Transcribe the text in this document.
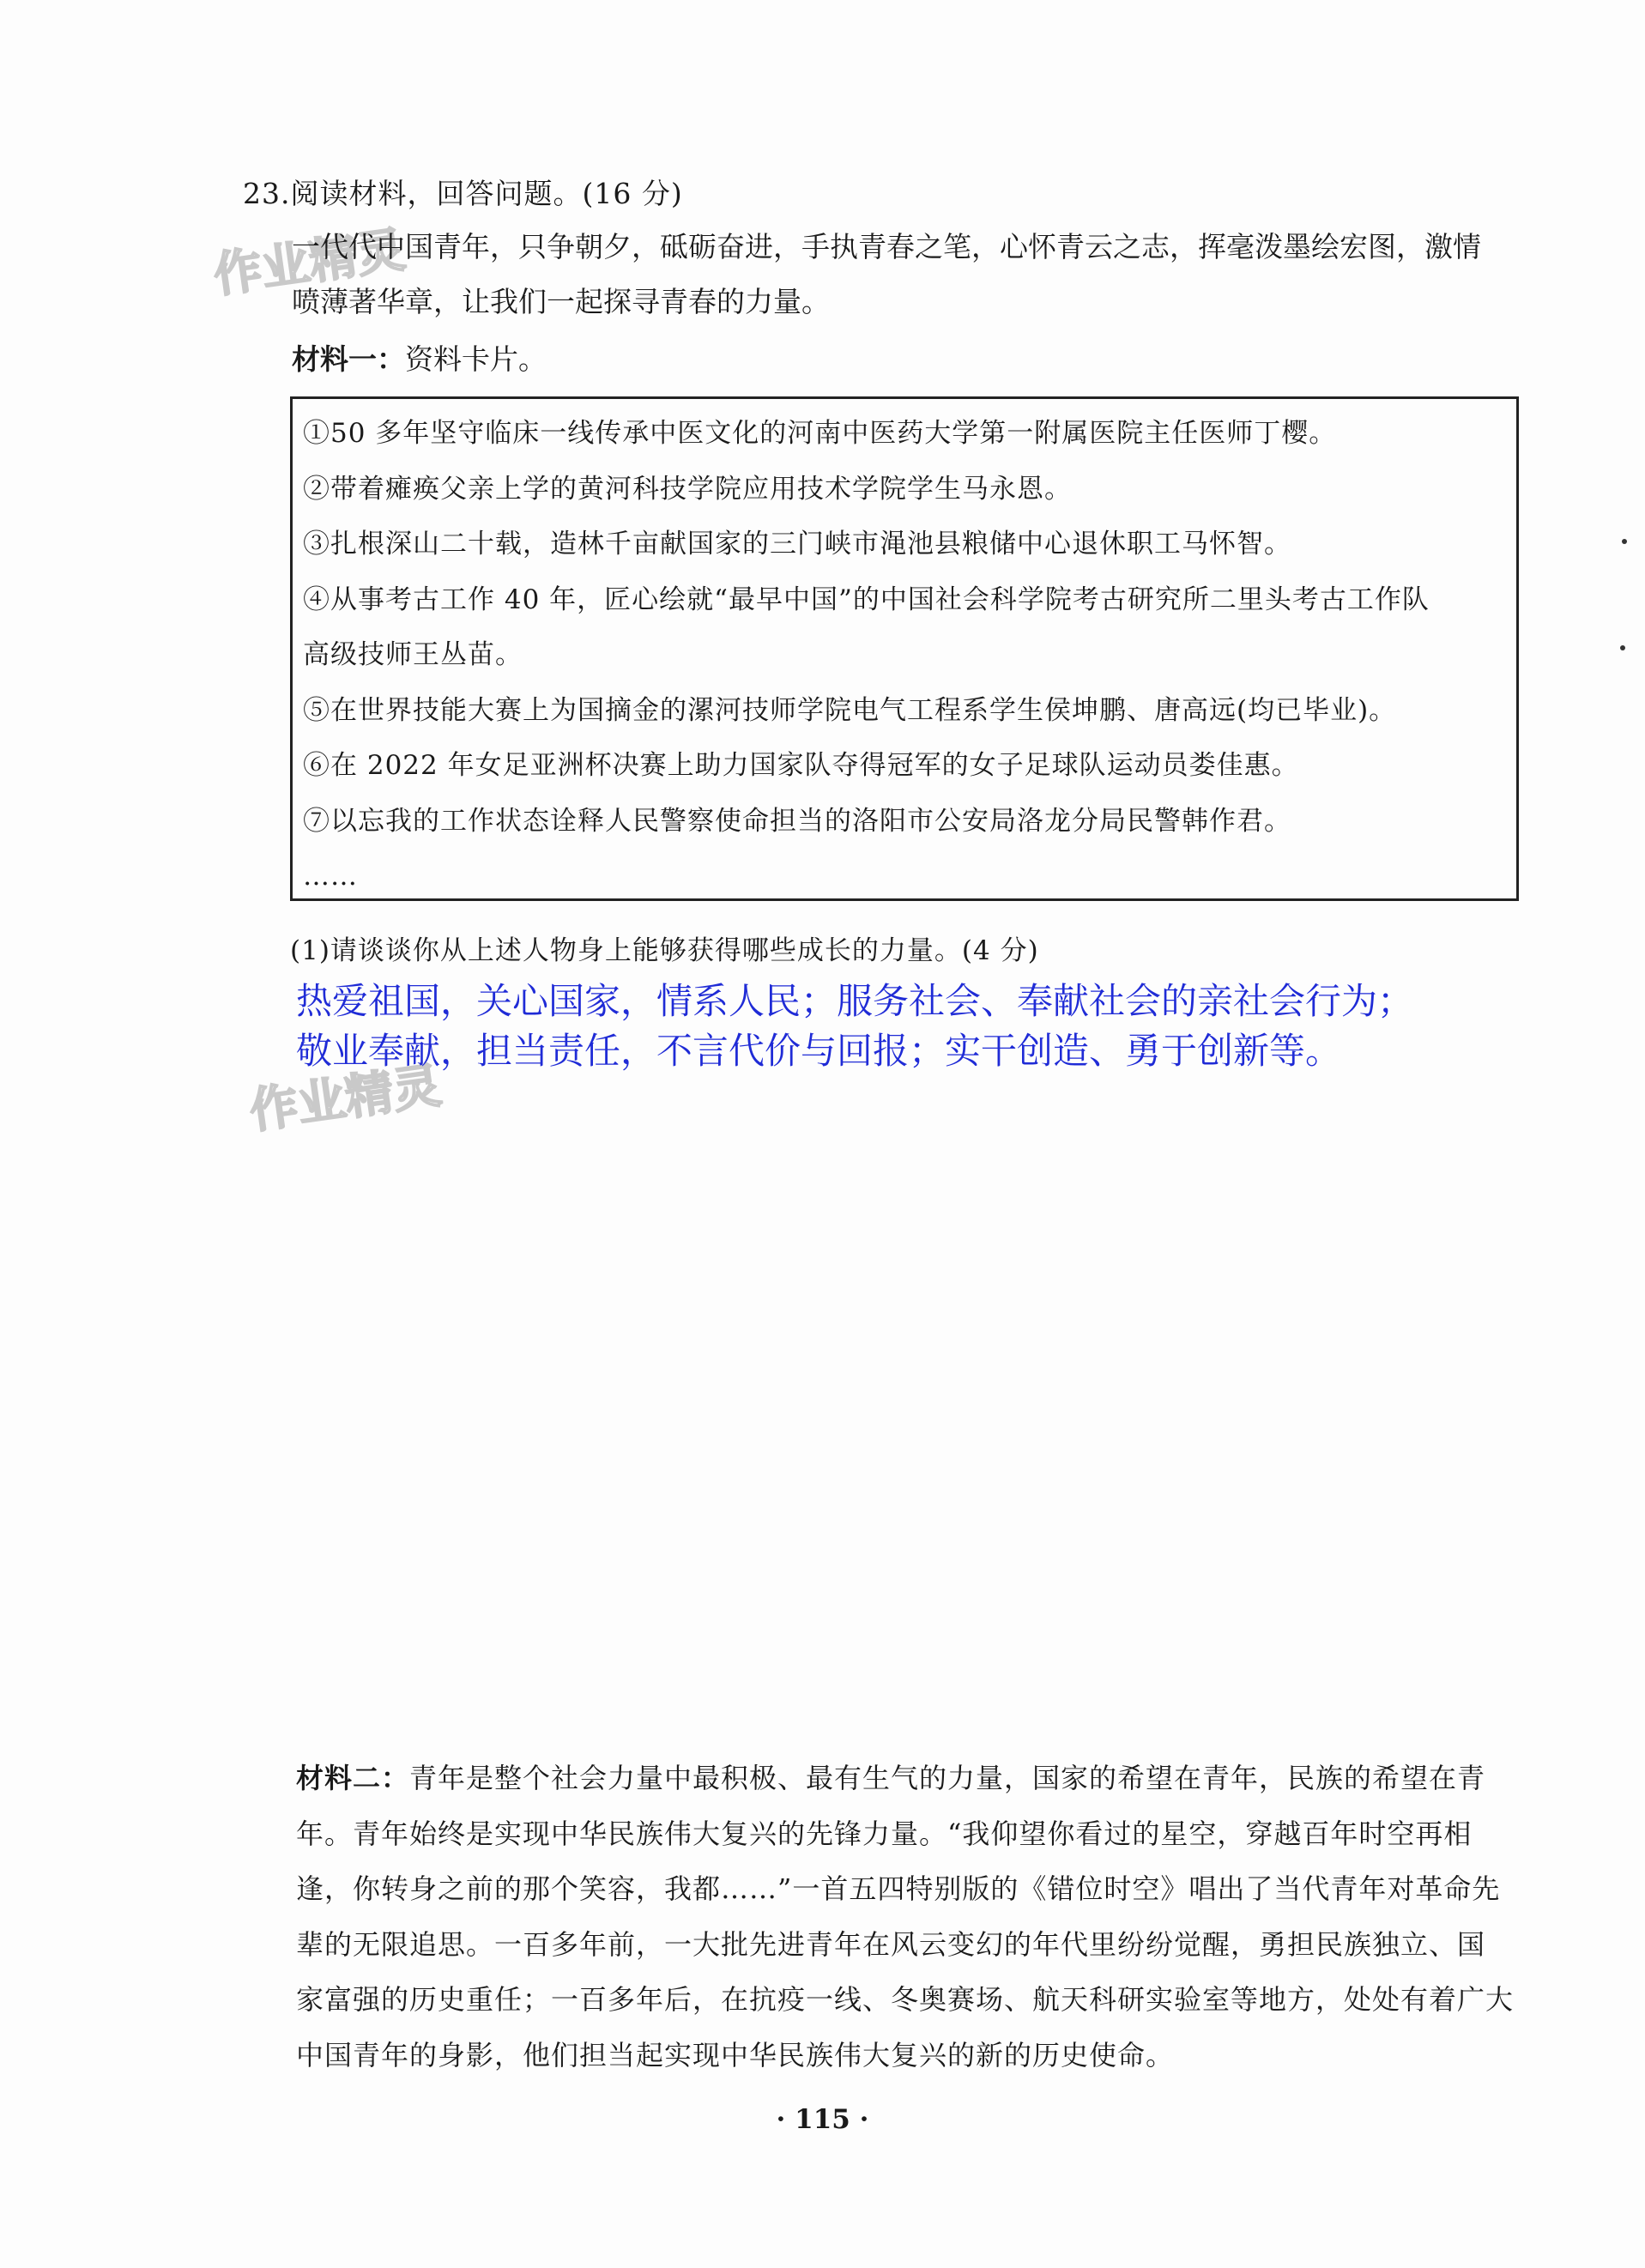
作业精灵
作业精灵
23.阅读材料，回答问题。(16 分)

一代代中国青年，只争朝夕，砥砺奋进，手执青春之笔，心怀青云之志，挥毫泼墨绘宏图，激情

喷薄著华章，让我们一起探寻青春的力量。

材料一：资料卡片。
①50 多年坚守临床一线传承中医文化的河南中医药大学第一附属医院主任医师丁樱。
②带着瘫痪父亲上学的黄河科技学院应用技术学院学生马永恩。
③扎根深山二十载，造林千亩献国家的三门峡市渑池县粮储中心退休职工马怀智。
④从事考古工作 40 年，匠心绘就“最早中国”的中国社会科学院考古研究所二里头考古工作队
高级技师王丛苗。
⑤在世界技能大赛上为国摘金的漯河技师学院电气工程系学生侯坤鹏、唐高远(均已毕业)。
⑥在 2022 年女足亚洲杯决赛上助力国家队夺得冠军的女子足球队运动员娄佳惠。
⑦以忘我的工作状态诠释人民警察使命担当的洛阳市公安局洛龙分局民警韩作君。
……
(1)请谈谈你从上述人物身上能够获得哪些成长的力量。(4 分)

热爱祖国，关心国家，情系人民；服务社会、奉献社会的亲社会行为；

敬业奉献，担当责任，不言代价与回报；实干创造、勇于创新等。

材料二：青年是整个社会力量中最积极、最有生气的力量，国家的希望在青年，民族的希望在青

年。青年始终是实现中华民族伟大复兴的先锋力量。“我仰望你看过的星空，穿越百年时空再相

逢，你转身之前的那个笑容，我都……”一首五四特别版的《错位时空》唱出了当代青年对革命先

辈的无限追思。一百多年前，一大批先进青年在风云变幻的年代里纷纷觉醒，勇担民族独立、国

家富强的历史重任；一百多年后，在抗疫一线、冬奥赛场、航天科研实验室等地方，处处有着广大

中国青年的身影，他们担当起实现中华民族伟大复兴的新的历史使命。

· 115 ·
